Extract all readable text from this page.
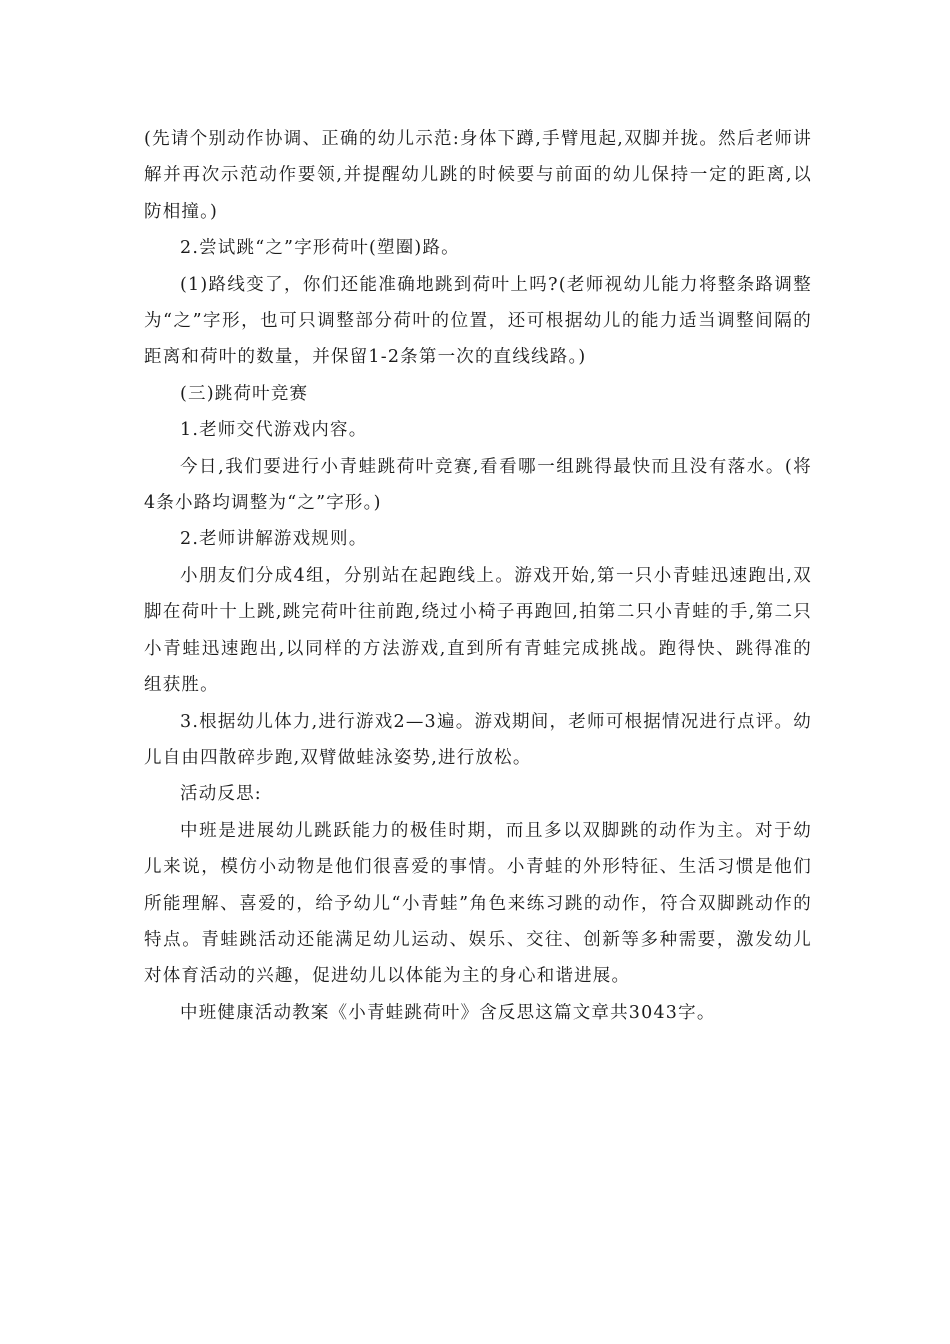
(先请个别动作协调、正确的幼儿示范:身体下蹲,手臂甩起,双脚并拢。然后老师讲解并再次示范动作要领,并提醒幼儿跳的时候要与前面的幼儿保持一定的距离,以防相撞。)

2.尝试跳“之”字形荷叶(塑圈)路。

(1)路线变了，你们还能准确地跳到荷叶上吗?(老师视幼儿能力将整条路调整为“之”字形，也可只调整部分荷叶的位置，还可根据幼儿的能力适当调整间隔的距离和荷叶的数量，并保留1-2条第一次的直线线路。)

(三)跳荷叶竞赛

1.老师交代游戏内容。

今日,我们要进行小青蛙跳荷叶竞赛,看看哪一组跳得最快而且没有落水。(将4条小路均调整为“之”字形。)

2.老师讲解游戏规则。

小朋友们分成4组，分别站在起跑线上。游戏开始,第一只小青蛙迅速跑出,双脚在荷叶十上跳,跳完荷叶往前跑,绕过小椅子再跑回,拍第二只小青蛙的手,第二只小青蛙迅速跑出,以同样的方法游戏,直到所有青蛙完成挑战。跑得快、跳得准的组获胜。

3.根据幼儿体力,进行游戏2—3遍。游戏期间，老师可根据情况进行点评。幼儿自由四散碎步跑,双臂做蛙泳姿势,进行放松。

活动反思:

中班是进展幼儿跳跃能力的极佳时期，而且多以双脚跳的动作为主。对于幼儿来说，模仿小动物是他们很喜爱的事情。小青蛙的外形特征、生活习惯是他们所能理解、喜爱的，给予幼儿“小青蛙”角色来练习跳的动作，符合双脚跳动作的特点。青蛙跳活动还能满足幼儿运动、娱乐、交往、创新等多种需要，激发幼儿对体育活动的兴趣，促进幼儿以体能为主的身心和谐进展。

中班健康活动教案《小青蛙跳荷叶》含反思这篇文章共3043字。
